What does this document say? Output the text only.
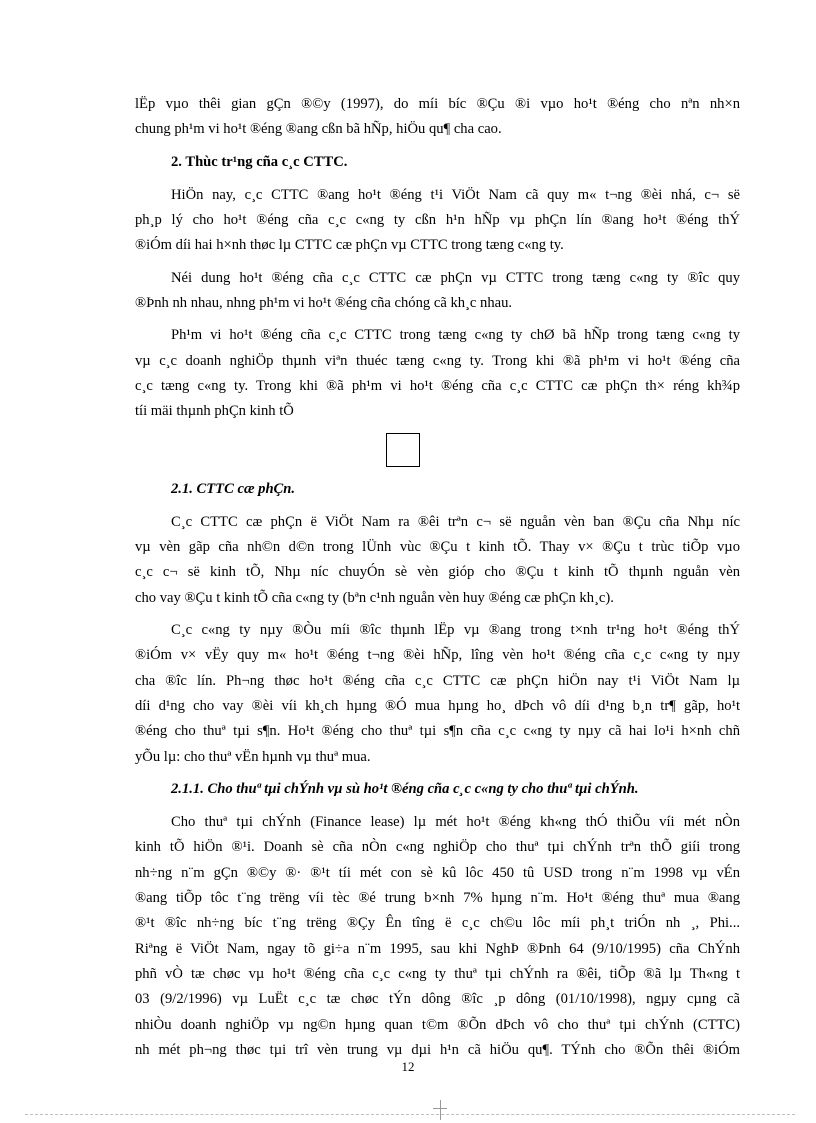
lËp vµo thêi gian gÇn ®©y (1997), do míi bíc ®Çu ®i vµo ho¹t ®éng cho nªn nh×n
chung ph¹m vi ho¹t ®éng ®ang cßn bã hÑp, hiÖu qu¶ cha cao.
2. Thùc tr¹ng cña c¸c CTTC.
HiÖn nay, c¸c CTTC ®ang ho¹t ®éng t¹i ViÖt Nam cã quy m« t¬ng ®èi nhá, c¬ së
ph¸p lý cho ho¹t ®éng cña c¸c c«ng ty cßn h¹n hÑp vµ phÇn lín ®ang ho¹t ®éng thÝ
®iÓm díi hai h×nh thøc lµ CTTC cæ phÇn vµ CTTC trong tæng c«ng ty.
Néi dung ho¹t ®éng cña c¸c CTTC cæ phÇn vµ CTTC trong tæng c«ng ty ®îc quy
®Þnh nh nhau, nhng ph¹m vi ho¹t ®éng cña chóng cã kh¸c nhau.
Ph¹m vi ho¹t ®éng cña c¸c CTTC trong tæng c«ng ty chØ bã hÑp trong tæng c«ng ty
vµ c¸c doanh nghiÖp thµnh viªn thuéc tæng c«ng ty. Trong khi ®ã ph¹m vi ho¹t ®éng cña
c¸c tæng c«ng ty. Trong khi ®ã ph¹m vi ho¹t ®éng cña c¸c CTTC cæ phÇn th× réng kh¾p
tíi mäi thµnh phÇn kinh tÕ
2.1. CTTC cæ phÇn.
C¸c CTTC cæ phÇn ë ViÖt Nam ra ®êi trªn c¬ së nguån vèn ban ®Çu cña Nhµ níc
vµ vèn gãp cña nh©n d©n trong lÜnh vùc ®Çu t kinh tÕ. Thay v× ®Çu t trùc tiÕp vµo
c¸c c¬ së kinh tÕ, Nhµ níc chuyÓn sè vèn gióp cho ®Çu t kinh tÕ thµnh nguån vèn
cho vay ®Çu t kinh tÕ cña c«ng ty (bªn c¹nh nguån vèn huy ®éng cæ phÇn kh¸c).
C¸c c«ng ty nµy ®Òu míi ®îc thµnh lËp vµ ®ang trong t×nh tr¹ng ho¹t ®éng thÝ
®iÓm v× vËy quy m« ho¹t ®éng t¬ng ®èi hÑp, lîng vèn ho¹t ®éng cña c¸c c«ng ty nµy
cha ®îc lín. Ph¬ng thøc ho¹t ®éng cña c¸c CTTC cæ phÇn hiÖn nay t¹i ViÖt Nam lµ
díi d¹ng cho vay ®èi víi kh¸ch hµng ®Ó mua hµng ho¸ dÞch vô díi d¹ng b¸n tr¶ gãp, ho¹t
®éng cho thuª tµi s¶n. Ho¹t ®éng cho thuª tµi s¶n cña c¸c c«ng ty nµy cã hai lo¹i h×nh chñ
yÕu lµ: cho thuª vËn hµnh vµ thuª mua.
2.1.1. Cho thuª tµi chÝnh vµ sù ho¹t ®éng cña c¸c c«ng ty cho thuª tµi chÝnh.
Cho thuª tµi chÝnh (Finance lease) lµ mét ho¹t ®éng kh«ng thÓ thiÕu víi mét nÒn
kinh tÕ hiÖn ®¹i. Doanh sè cña nÒn c«ng nghiÖp cho thuª tµi chÝnh trªn thÕ giíi trong
nh÷ng n¨m gÇn ®©y ®· ®¹t tíi mét con sè kû lôc 450 tû USD trong n¨m 1998 vµ vÉn
®ang tiÕp tôc t¨ng trëng víi tèc ®é trung b×nh 7% hµng n¨m. Ho¹t ®éng thuª mua ®ang
®¹t ®îc nh÷ng bíc t¨ng trëng ®Çy Ên tîng ë c¸c ch©u lôc míi ph¸t triÓn nh ¸, Phi...
Riªng ë ViÖt Nam, ngay tõ gi÷a n¨m 1995, sau khi NghÞ ®Þnh 64 (9/10/1995) cña ChÝnh
phñ vÒ tæ chøc vµ ho¹t ®éng cña c¸c c«ng ty thuª tµi chÝnh ra ®êi, tiÕp ®ã lµ Th«ng t
03 (9/2/1996) vµ LuËt c¸c tæ chøc tÝn dông ®îc ¸p dông (01/10/1998), ngµy cµng cã
nhiÒu doanh nghiÖp vµ ng©n hµng quan t©m ®Õn dÞch vô cho thuª tµi chÝnh (CTTC)
nh mét ph¬ng thøc tµi trî vèn trung vµ dµi h¹n cã hiÖu qu¶. TÝnh cho ®Õn thêi ®iÓm
12
